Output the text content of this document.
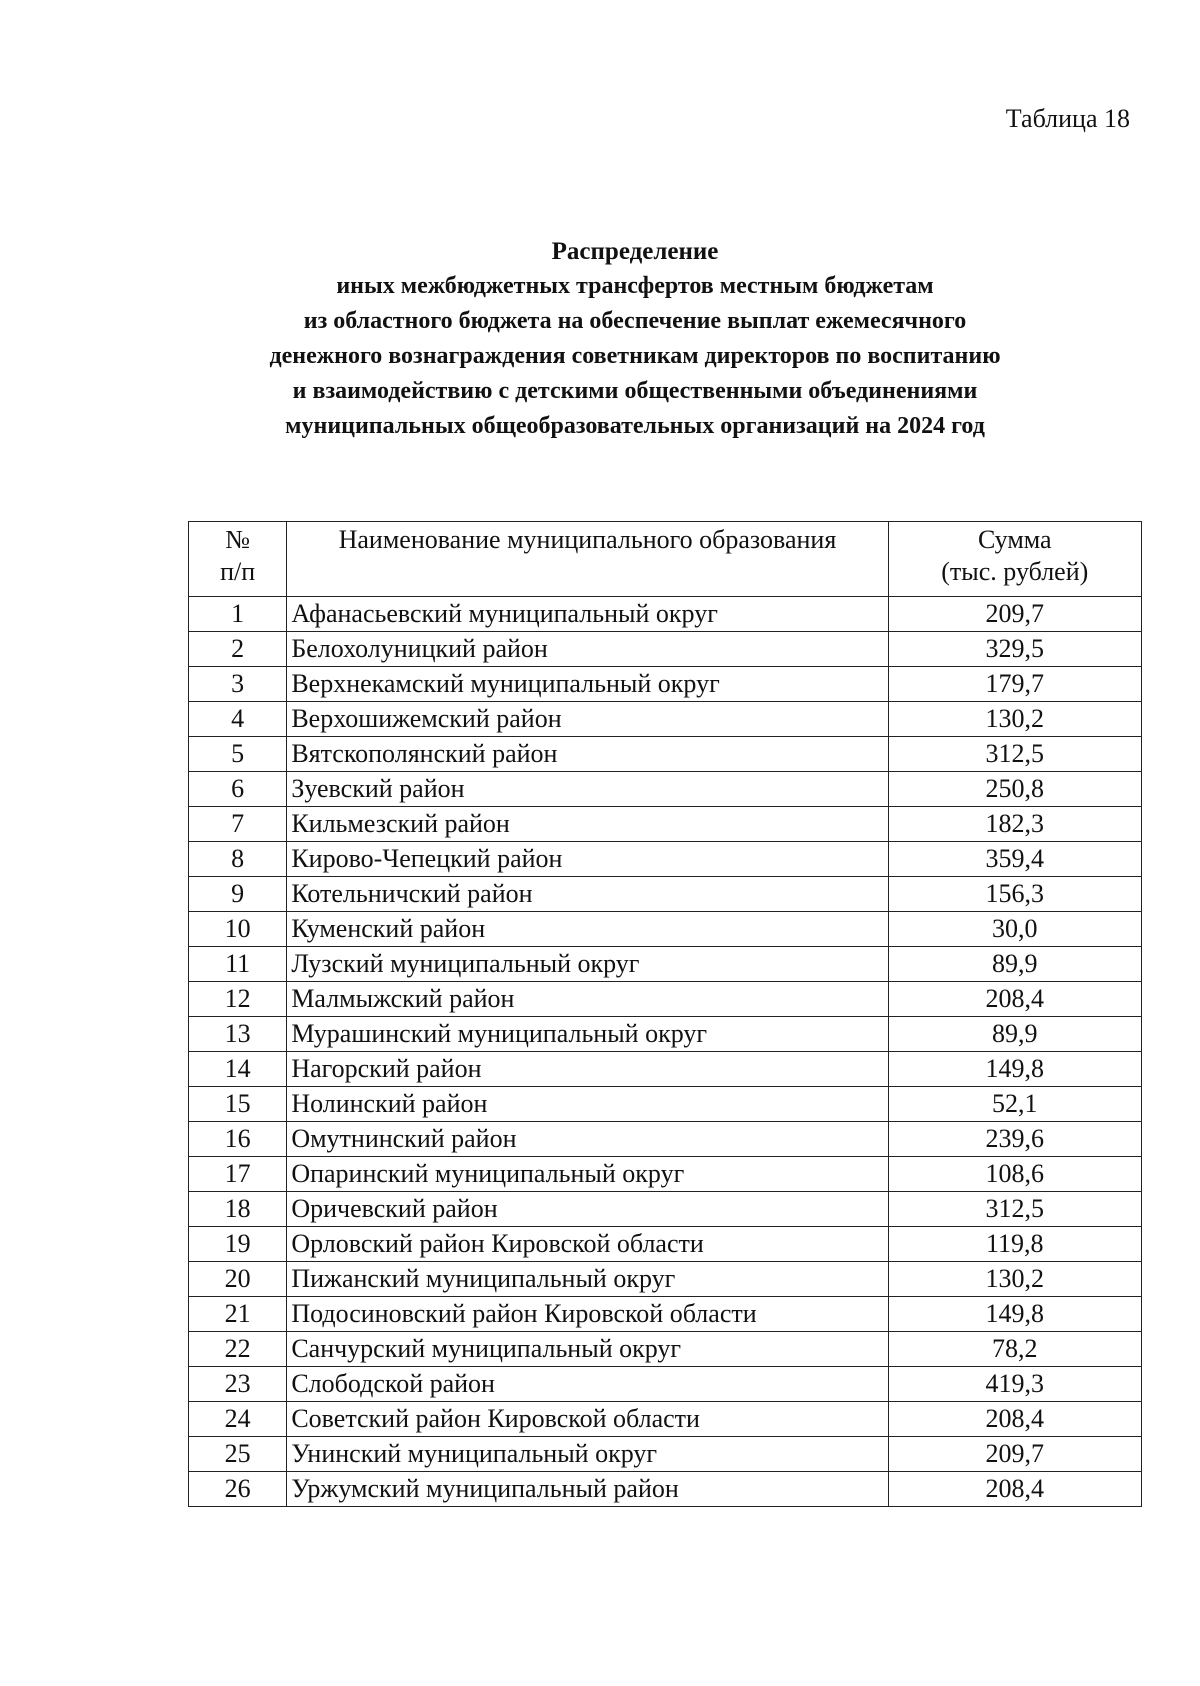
Таблица 18
Распределение
иных межбюджетных трансфертов местным бюджетам
из областного бюджета на обеспечение выплат ежемесячного
денежного вознаграждения советникам директоров по воспитанию
и взаимодействию с детскими общественными объединениями
муниципальных общеобразовательных организаций на 2024 год
№
п/п	Наименование муниципального образования	Сумма
(тыс. рублей)

1	Афанасьевский муниципальный округ	209,7
2	Белохолуницкий район	329,5
3	Верхнекамский муниципальный округ	179,7
4	Верхошижемский район	130,2
5	Вятскополянский район	312,5
6	Зуевский район	250,8
7	Кильмезский район	182,3
8	Кирово-Чепецкий район	359,4
9	Котельничский район	156,3
10	Куменский район	30,0
11	Лузский муниципальный округ	89,9
12	Малмыжский район	208,4
13	Мурашинский муниципальный округ	89,9
14	Нагорский район	149,8
15	Нолинский район	52,1
16	Омутнинский район	239,6
17	Опаринский муниципальный округ	108,6
18	Оричевский район	312,5
19	Орловский район Кировской области	119,8
20	Пижанский муниципальный округ	130,2
21	Подосиновский район Кировской области	149,8
22	Санчурский муниципальный округ	78,2
23	Слободской район	419,3
24	Советский район Кировской области	208,4
25	Унинский муниципальный округ	209,7
26	Уржумский муниципальный район	208,4
